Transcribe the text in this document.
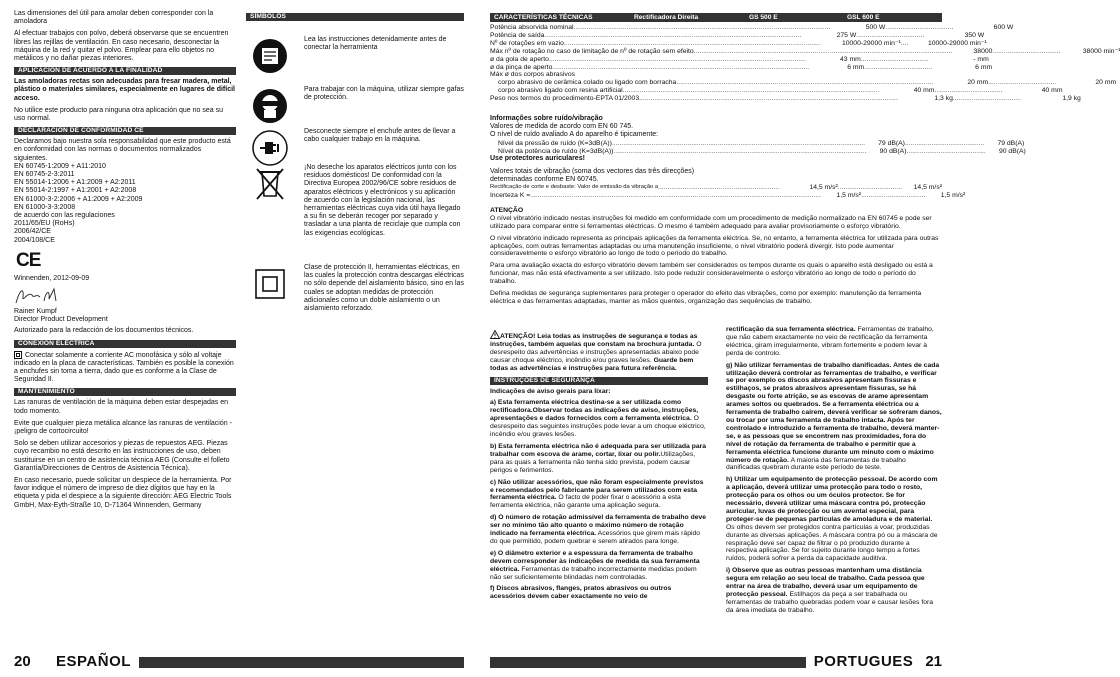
Las dimensiones del útil para amolar deben corresponder con la amoladora

Al efectuar trabajos con polvo, deberá observarse que se encuentren libres las rejillas de ventilación. En caso necesario, desconectar la máquina de la red y quitar el polvo. Emplear para ello objetos no metálicos y no dañar piezas interiores.

APLICACIÓN DE ACUERDO A LA FINALIDAD

Las amoladoras rectas son adecuadas para fresar madera, metal, plástico o materiales similares, especialmente en lugares de difícil acceso.

No utilice este producto para ninguna otra aplicación que no sea su uso normal.

DECLARACION DE CONFORMIDAD CE
Declaramos bajo nuestra sola responsabilidad que este producto está en conformidad con las normas o documentos normalizados siguientes.
EN 60745-1:2009 + A11:2010
EN 60745-2-3:2011
EN 55014-1:2006 + A1:2009 + A2:2011
EN 55014-2:1997 + A1:2001 + A2:2008
EN 61000-3-2:2006 + A1:2009 + A2:2009
EN 61000-3-3:2008
de acuerdo con las regulaciones
2011/65/EU (RoHs)
2006/42/CE
2004/108/CE
CE
Winnenden, 2012-09-09
Rainer Kumpf
Director Product Development

Autorizado para la redacción de los documentos técnicos.

CONEXIÓN ELÉCTRICA

Conectar solamente a corriente AC monofásica y sólo al voltaje indicado en la placa de características. También es posible la conexión a enchufes sin toma a tierra, dado que es conforme a la Clase de Seguridad II.

MANTENIMIENTO

Las ranuras de ventilación de la máquina deben estar despejadas en todo momento.

Evite que cualquier pieza metálica alcance las ranuras de ventilación - ¡peligro de cortocircuito!

Solo se deben utilizar accesorios y piezas de repuestos AEG. Piezas cuyo recambio no está descrito en las instrucciones de uso, deben sustituirse en un centro de asistencia técnica AEG (Consulte el folleto Garantía/Direcciones de Centros de Asistencia Técnica).

En caso necesario, puede solicitar un despiece de la herramienta. Por favor indique el número de impreso de diez dígitos que hay en la etiqueta y pida el despiece a la siguiente dirección: AEG Electric Tools GmbH, Max-Eyth-Straße 10, D-71364 Winnenden, Germany

SÍMBOLOS
Lea las instrucciones detenidamente antes de conectar la herramienta
Para trabajar con la máquina, utilizar siempre gafas de protección.
Desconecte siempre el enchufe antes de llevar a cabo cualquier trabajo en la máquina.
¡No deseche los aparatos eléctricos junto con los residuos domésticos! De conformidad con la Directiva Europea 2002/96/CE sobre residuos de aparatos eléctricos y electrónicos y su aplicación de acuerdo con la legislación nacional, las herramientas eléctricas cuya vida útil haya llegado a su fin se deberán recoger por separado y trasladar a una planta de reciclaje que cumpla con las exigencias ecológicas.
Clase de protección II, herramientas eléctricas, en las cuales la protección contra descargas eléctricas no sólo depende del aislamiento básico, sino en las cuales se adoptan medidas de protección adicionales como un doble aislamiento o un aislamiento reforzado.
20	ESPAÑOL
CARACTERÍSTICAS TÉCNICAS	Rectificadora Direita	GS 500 E	GSL 600 E
Potência absorvida nominal ........................................................................................................................................	500 W ....................................	600 W
Potência de saída ........................................................................................................................................	275 W ....................................	350 W
Nº de rotações em vazio ........................................................................................................................................	10000-29000 min⁻¹ ....	10000-29000 min⁻¹
Máx nº de rotação no caso de limitação de nº de rotação sem efeito. ........................................................................................................................................	38000 ....................................	38000 min⁻¹
ø da gola de aperto ........................................................................................................................................	43 mm ....................................	- mm
ø da pinça de aperto ........................................................................................................................................	6 mm ....................................	6 mm
Máx ø dos corpos abrasivos
corpo abrasivo de cerâmica colado ou ligado com borracha ........................................................................................................................................	20 mm ....................................	20 mm
corpo abrasivo ligado com resina artificial ........................................................................................................................................	40 mm ....................................	40 mm
Peso nos termos do procedimento-EPTA 01/2003. ........................................................................................................................................	1,3 kg ....................................	1,9 kg
Informações sobre ruído/vibração
Valores de medida de acordo com EN 60 745.
O nível de ruído avaliado A do aparelho é tipicamente:
Nível da pressão de ruído (K=3dB(A)) ......................................................................................................................................	79 dB(A) ..........................................	79 dB(A)
Nível da potência de ruído (K=3dB(A)) ......................................................................................................................................	90 dB(A) ..........................................	90 dB(A)
Use protectores auriculares!
Valores totais de vibração (soma dos vectores das três direcções) determinadas conforme EN 60745.
Rectificação de corte e desbaste: Valor de emissão da vibração a ................................................................	14,5 m/s² ..................................	14,5 m/s²
Incerteza K = ..........................................................................................................................................................	1,5 m/s² ..................................	1,5 m/s²
ATENÇÃO

O nível vibratório indicado nestas instruções foi medido em conformidade com um procedimento de medição normalizado na EN 60745 e pode ser utilizado para comparar entre si ferramentas eléctricas. O mesmo é também adequado para avaliar provisoriamente o esforço vibratório.

O nível vibratório indicado representa as principais aplicações da ferramenta eléctrica. Se, no entanto, a ferramenta eléctrica for utilizada para outras aplicações, com outras ferramentas adaptadas ou uma manutenção insuficiente, o nível vibratório poderá divergir. Isto pode aumentar consideravelmente o esforço vibratório ao longo de todo o período do trabalho.

Para uma avaliação exacta do esforço vibratório devem também ser considerados os tempos durante os quais o aparelho está desligado ou está a funcionar, mas não está efectivamente a ser utilizado. Isto pode reduzir consideravelmente o esforço vibratório ao longo de todo o período do trabalho.

Defina medidas de segurança suplementares para proteger o operador do efeito das vibrações, como por exemplo: manutenção da ferramenta eléctrica e das ferramentas adaptadas, manter as mãos quentes, organização das sequências de trabalho.

ATENÇÃO! Leia todas as instruções de segurança e todas as instruções, também aquelas que constam na brochura juntada. O desrespeito das advertências e instruções apresentadas abaixo pode causar choque eléctrico, incêndio e/ou graves lesões. Guarde bem todas as advertências e instruções para futura referência.

INSTRUÇÕES DE SEGURANÇA

Indicações de aviso gerais para lixar:

a) Esta ferramenta eléctrica destina-se a ser utilizada como rectificadora.Observar todas as indicações de aviso, instruções, apresentações e dados fornecidos com a ferramenta eléctrica. O desrespeito das seguintes instruções pode levar a um choque eléctrico, incêndio e/ou graves lesões.

b) Esta ferramenta eléctrica não é adequada para ser utilizada para trabalhar com escova de arame, cortar, lixar ou polir.Utilizações, para as quais a ferramenta não tenha sido prevista, podem causar perigos e ferimentos.

c) Não utilizar acessórios, que não foram especialmente previstos e recomendados pelo fabricante para serem utilizados com esta ferramenta eléctrica. O facto de poder fixar o acessório a esta ferramenta eléctrica, não garante uma aplicação segura.

d) O número de rotação admissível da ferramenta de trabalho deve ser no mínimo tão alto quanto o máximo número de rotação indicado na ferramenta eléctrica. Acessórios que girem mais rápido do que permitido, podem quebrar e serem atirados para longe.

e) O diâmetro exterior e a espessura da ferramenta de trabalho devem corresponder às indicações de medida da sua ferramenta eléctrica. Ferramentas de trabalho incorrectamente medidas podem não ser suficientemente blindadas nem controladas.

f) Discos abrasivos, flanges, pratos abrasivos ou outros acessórios devem caber exactamente no veio de

rectificação da sua ferramenta eléctrica. Ferramentas de trabalho, que não cabem exactamente no veio de rectificação da ferramenta eléctrica, giram irregularmente, vibram fortemente e podem levar à perda de controlo.

g) Não utilizar ferramentas de trabalho danificadas. Antes de cada utilização deverá controlar as ferramentas de trabalho, e verificar se por exemplo os discos abrasivos apresentam fissuras e estilhaços, se pratos abrasivos apresentam fissuras, se há desgaste ou forte atrição, se as escovas de arame apresentam arames soltos ou quebrados. Se a ferramenta eléctrica ou a ferramenta de trabalho caírem, deverá verificar se sofreram danos, ou trocar por uma ferramenta de trabalho intacta. Após ter controlado e introduzido a ferramenta de trabalho, deverá manter-se, e as pessoas que se encontrem nas proximidades, fora do nível de rotação da ferramenta de trabalho e permitir que a ferramenta eléctrica funcione durante um minuto com o máximo número de rotação. A maioria das ferramentas de trabalho danificadas quebram durante este período de teste.

h) Utilizar um equipamento de protecção pessoal. De acordo com a aplicação, deverá utilizar uma protecção para todo o rosto, protecção para os olhos ou um óculos protector. Se for necessário, deverá utilizar uma máscara contra pó, protecção auricular, luvas de protecção ou um avental especial, para proteger-se de pequenas partículas de amoladura e de material. Os olhos devem ser protegidos contra partículas a voar, produzidas durante as diversas aplicações. A máscara contra pó ou a máscara de respiração deve ser capaz de filtrar o pó produzido durante a respectiva aplicação. Se for sujeito durante longo tempo a fortes ruídos, poderá sofrer a perda da capacidade auditiva.

i) Observe que as outras pessoas mantenham uma distância segura em relação ao seu local de trabalho. Cada pessoa que entrar na área de trabalho, deverá usar um equipamento de protecção pessoal. Estilhaços da peça a ser trabalhada ou ferramentas de trabalho quebradas podem voar e causar lesões fora da área imediata de trabalho.

PORTUGUES 21
